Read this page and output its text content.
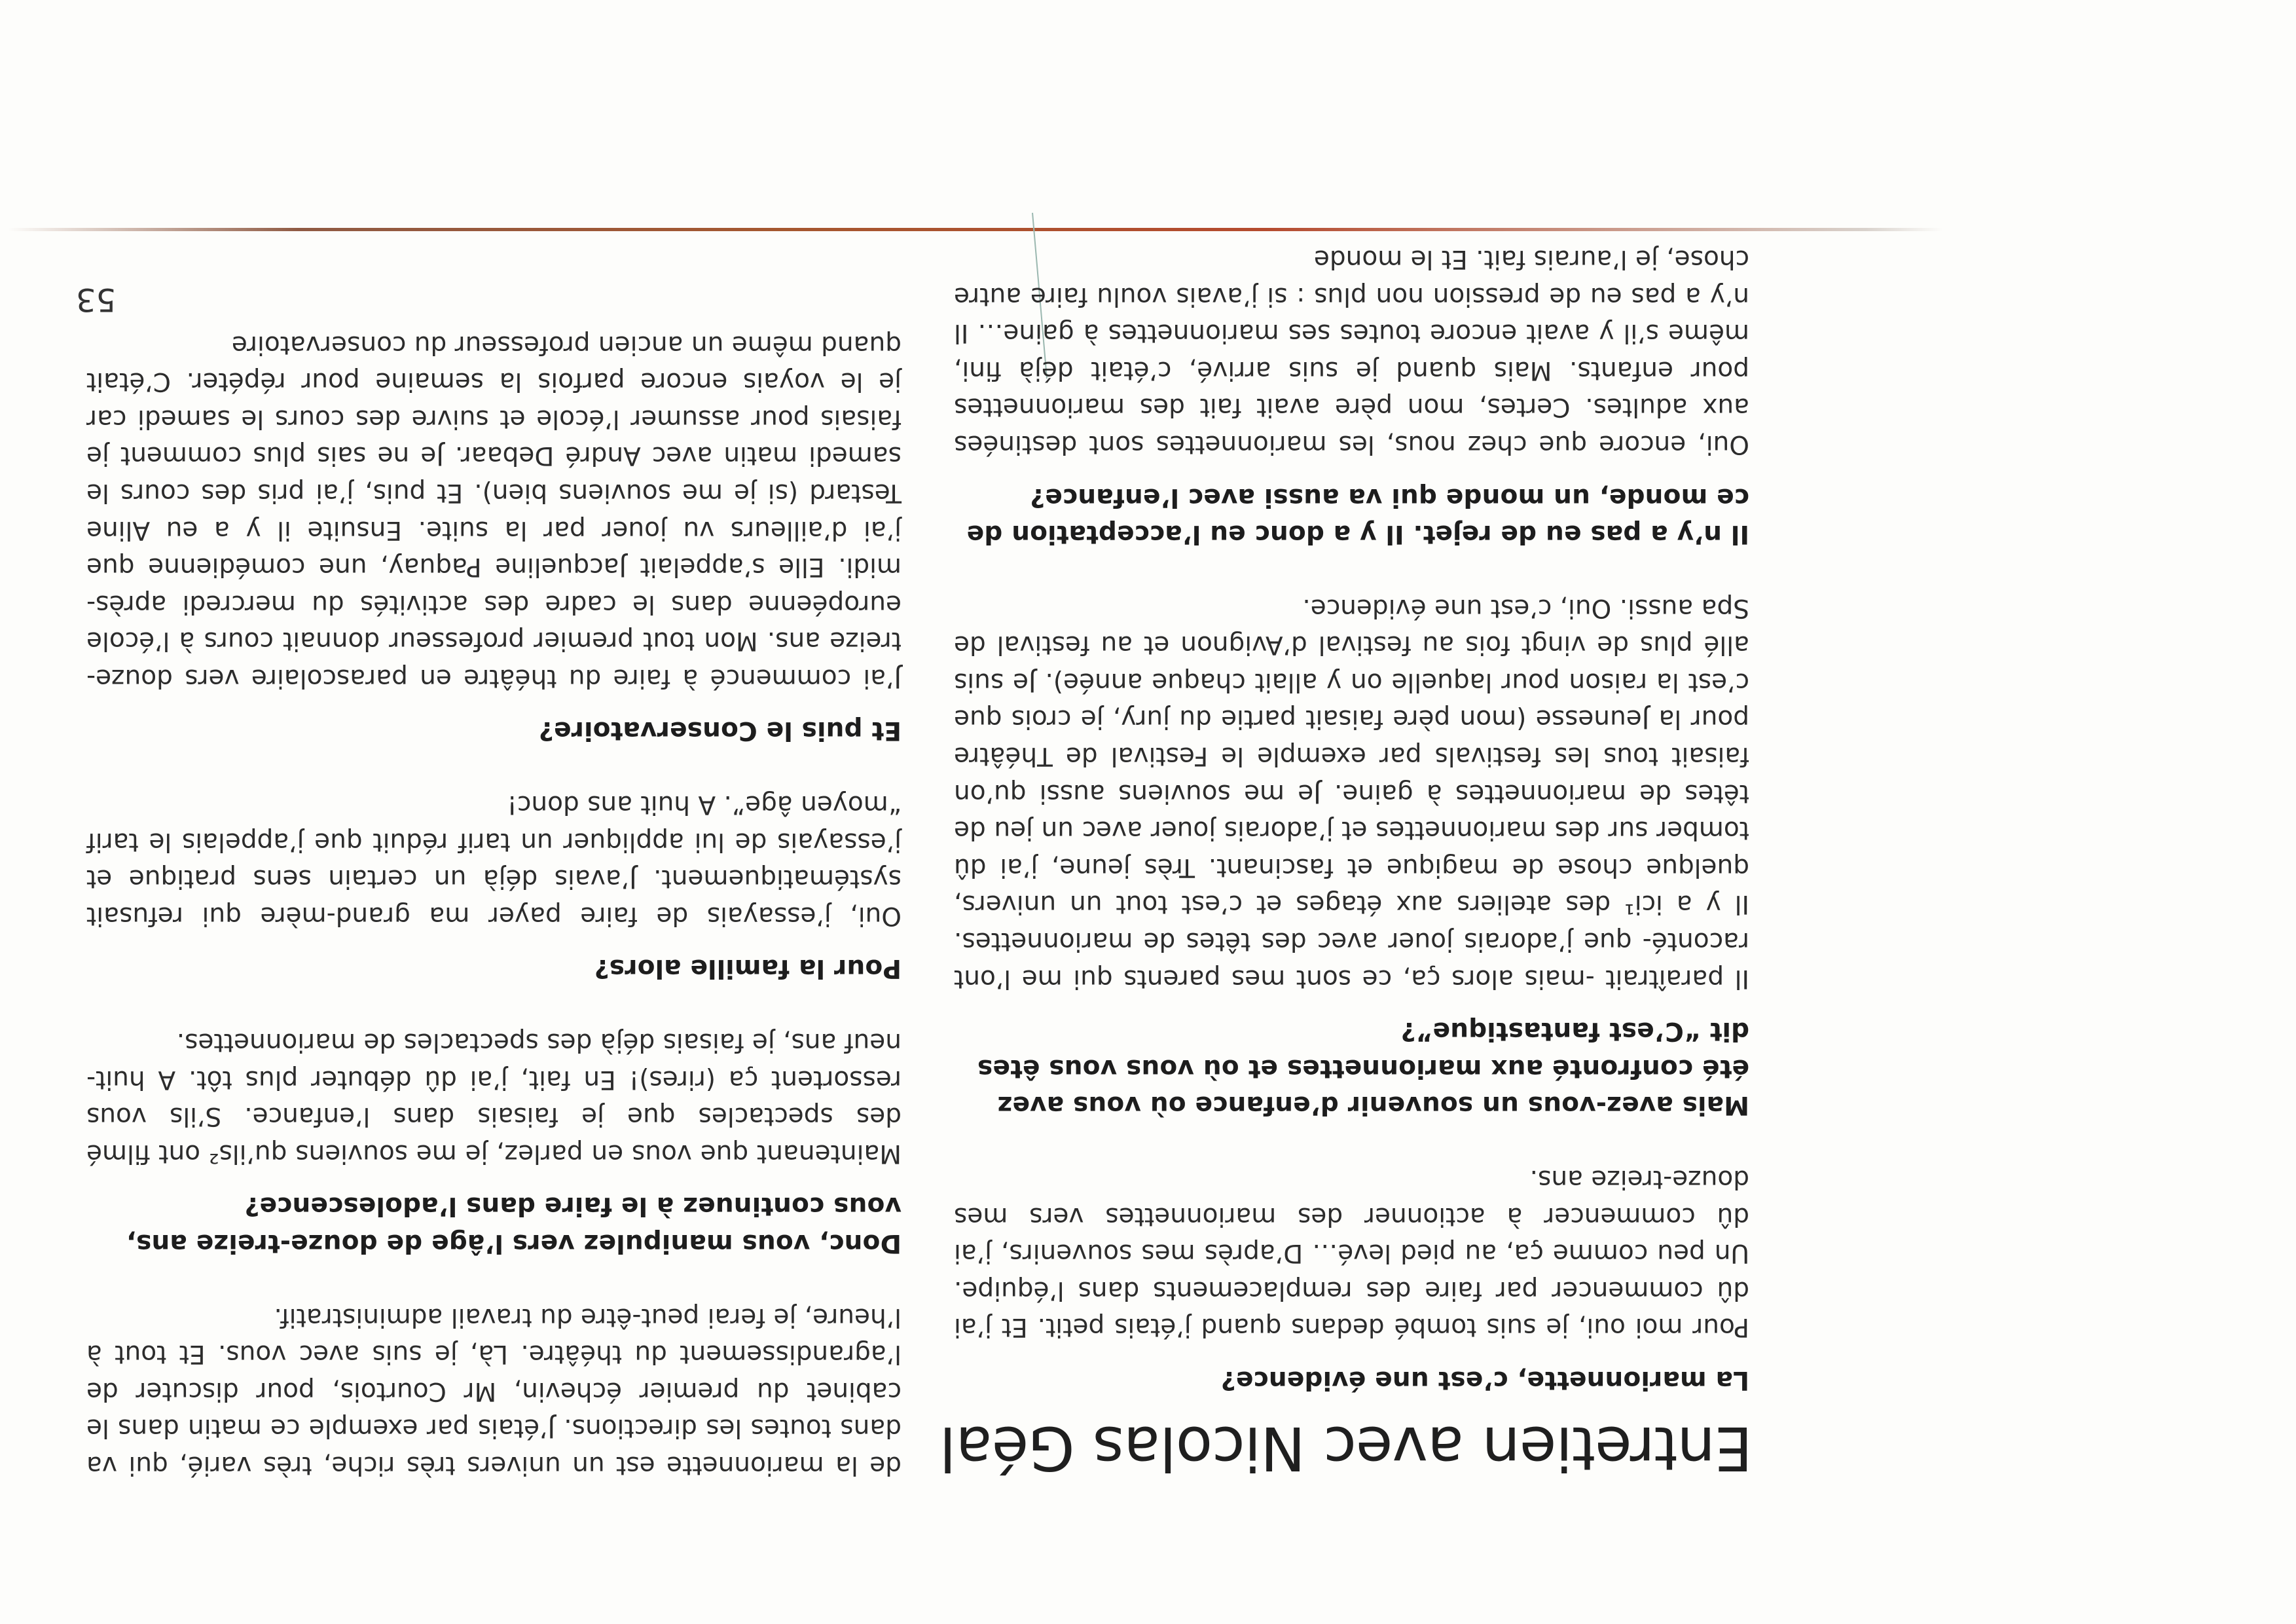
53
Entretien avec Nicolas Géal

La marionnette, c’est une évidence?

Pour moi oui, je suis tombé dedans quand j’étais petit. Et j’ai dû commencer par faire des remplacements dans l’équipe. Un peu comme ça, au pied levé… D’après mes souvenirs, j’ai dû commencer à actionner des marionnettes vers mes douze-treize ans.

Mais avez-vous un souvenir d’enfance où vous avez été confronté aux marionnettes et où vous vous êtes dit “C’est fantastique”?

Il paraîtrait -mais alors ça, ce sont mes parents qui me l’ont raconté- que j’adorais jouer avec des têtes de marionnettes. Il y a ici¹ des ateliers aux étages et c’est tout un univers, quelque chose de magique et fascinant. Très jeune, j’ai dû tomber sur des marionnettes et j’adorais jouer avec un jeu de têtes de marionnettes à gaine. Je me souviens aussi qu’on faisait tous les festivals par exemple le Festival de Théâtre pour la Jeunesse (mon père faisait partie du jury, je crois que c’est la raison pour laquelle on y allait chaque année). Je suis allé plus de vingt fois au festival d’Avignon et au festival de Spa aussi. Oui, c’est une évidence.

Il n’y a pas eu de rejet. Il y a donc eu l’acceptation de ce monde, un monde qui va aussi avec l’enfance?

Oui, encore que chez nous, les marionnettes sont destinées aux adultes. Certes, mon père avait fait des marionnettes pour enfants. Mais quand je suis arrivé, c’était déjà fini, même s’il y avait encore toutes ses marionnettes à gaine… Il n’y a pas eu de pression non plus : si j’avais voulu faire autre chose, je l’aurais fait. Et le monde

de la marionnette est un univers très riche, très varié, qui va dans toutes les directions. J’étais par exemple ce matin dans le cabinet du premier échevin, Mr Courtois, pour discuter de l’agrandissement du théâtre. Là, je suis avec vous. Et tout à l’heure, je ferai peut-être du travail administratif.

Donc, vous manipulez vers l’âge de douze-treize ans, vous continuez à le faire dans l’adolescence?

Maintenant que vous en parlez, je me souviens qu’ils² ont filmé des spectacles que je faisais dans l’enfance. S’ils vous ressortent ça (rires)! En fait, j’ai dû débuter plus tôt. A huit-neuf ans, je faisais déjà des spectacles de marionnettes.

Pour la famille alors?

Oui, j’essayais de faire payer ma grand-mère qui refusait systématiquement. J’avais déjà un certain sens pratique et j’essayais de lui appliquer un tarif réduit que j’appelais le tarif “moyen âge”. A huit ans donc!

Et puis le Conservatoire?

J’ai commencé à faire du théâtre en parascolaire vers douze-treize ans. Mon tout premier professeur donnait cours à l’école européenne dans le cadre des activités du mercredi après-midi. Elle s’appelait Jacqueline Paquay, une comédienne que j’ai d’ailleurs vu jouer par la suite. Ensuite il y a eu Aline Testard (si je me souviens bien). Et puis, j’ai pris des cours le samedi matin avec André Debaar. Je ne sais plus comment je faisais pour assumer l’école et suivre des cours le samedi car je le voyais encore parfois la semaine pour répéter. C’était quand même un ancien professeur du conservatoire
